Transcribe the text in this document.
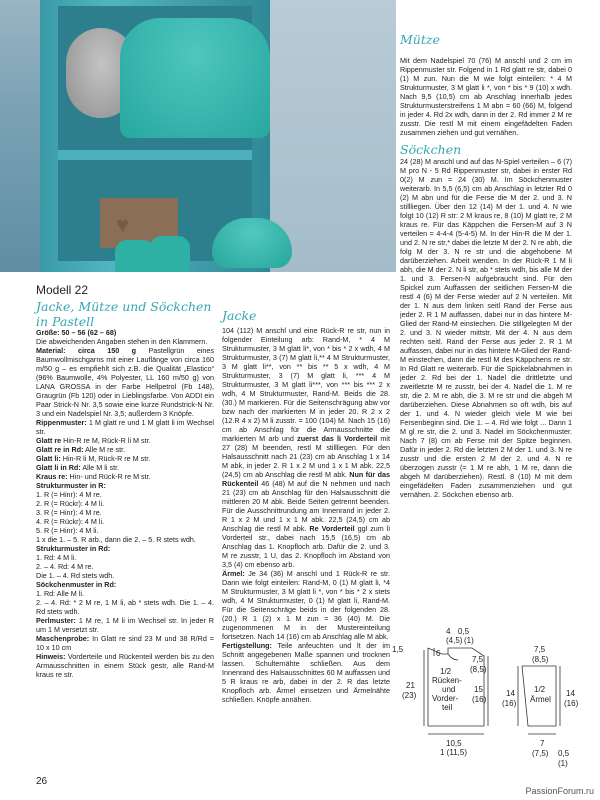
♥

Modell 22

Jacke, Mütze und Söckchen in Pastell

Größe: 50 – 56 (62 – 68)

Die abweichenden Angaben stehen in den Klammern.

Material: circa 150 g Pastellgrün eines Baumwollmischgarns mit einer Lauflänge von circa 160 m/50 g – es empfiehlt sich z.B. die Qualität „Elastico“ (96% Baumwolle, 4% Polyester, LL 160 m/50 g) von LANA GROSSA in der Farbe Hellpetrol (Fb 148), Graugrün (Fb 120) oder in Lieblingsfarbe. Von ADDI ein Paar Strick-N Nr. 3,5 sowie eine kurze Rundstrick-N Nr. 3 und ein Nadelspiel Nr. 3,5; außerdem 3 Knöpfe.

Rippenmuster: 1 M glatt re und 1 M glatt li im Wechsel str.

Glatt re Hin-R re M, Rück-R li M str.

Glatt re in Rd: Alle M re str.

Glatt li: Hin-R li M, Rück-R re M str.

Glatt li in Rd: Alle M li str.

Kraus re: Hin- und Rück-R re M str.

Strukturmuster in R:

1. R (= Hinr): 4 M re.

2. R (= Rückr): 4 M li.

3. R (= Hinr): 4 M re.

4. R (= Rückr): 4 M li.

5. R (= Hinr): 4 M li.

1 x die 1. – 5. R arb., dann die 2. – 5. R stets wdh.

Strukturmuster in Rd:

1. Rd: 4 M li.

2. – 4. Rd: 4 M re.

Die 1. – 4. Rd stets wdh.

Söckchenmuster in Rd:

1. Rd: Alle M li.

2. – 4. Rd: * 2 M re, 1 M li, ab * stets wdh. Die 1. – 4. Rd stets wdh.

Perlmuster: 1 M re, 1 M li im Wechsel str. In jeder R um 1 M versetzt str.

Maschenprobe: In Glatt re sind 23 M und 38 R/Rd = 10 x 10 cm

Hinweis: Vorderteile und Rückenteil werden bis zu den Armausschnitten in einem Stück gestr, alle Rand-M kraus re str.

Jacke

104 (112) M anschl und eine Rück-R re str, nun in folgender Einteilung arb: Rand-M, * 4 M Strukturmuster, 3 M glatt li*, von * bis * 2 x wdh, 4 M Strukturmuster, 3 (7) M glatt li,** 4 M Strukturmuster, 3 M glatt li**, von ** bis ** 5 x wdh, 4 M Strukturmuster, 3 (7) M glatt li, *** 4 M Strukturmuster, 3 M glatt li***, von *** bis *** 2 x wdh, 4 M Strukturmuster, Rand-M. Beids die 28. (30.) M markieren. Für die Seitenschrägung abw vor bzw nach der markierten M in jeder 20. R 2 x 2 (12.R 4 x 2) M li zusstr. = 100 (104) M. Nach 15 (16) cm ab Anschlag für die Armausschnitte die markierten M arb und zuerst das li Vorderteil mit 27 (28) M beenden, restl M stillliegen. Für den Halsausschnitt nach 21 (23) cm ab Anschlag 1 x 14 M abk, in jeder 2. R 1 x 2 M und 1 x 1 M abk. 22,5 (24,5) cm ab Anschlag die restl M abk. Nun für das Rückenteil 46 (48) M auf die N nehmen und nach 21 (23) cm ab Anschlag für den Halsausschnitt die mittleren 20 M abk. Beide Seiten getrennt beenden. Für die Ausschnittrundung am Innenrand in jeder 2. R 1 x 2 M und 1 x 1 M abk. 22,5 (24,5) cm ab Anschlag die restl M abk. Re Vorderteil ggl zum li Vorderteil str., dabei nach 15,5 (16,5) cm ab Anschlag das 1. Knopfloch arb. Dafür die 2. und 3. M re zusstr, 1 U, das 2. Knopfloch im Abstand von 3,5 (4) cm ebenso arb.

Ärmel: Je 34 (36) M anschl und 1 Rück-R re str. Dann wie folgt einteilen: Rand-M, 0 (1) M glatt li, *4 M Strukturmuster, 3 M glatt li *, von * bis * 2 x stets wdh, 4 M Strukturmuster, 0 (1) M glatt li, Rand-M. Für die Seitenschräge beids in der folgenden 28. (20.) R 1 (2) x 1 M zun = 36 (40) M. Die zugenommenen M in der Mustereinteilung fortsetzen. Nach 14 (16) cm ab Anschlag alle M abk.

Fertigstellung: Teile anfeuchten und lt der im Schnitt angegebenen Maße spannen und trocknen lassen. Schulternähte schließen. Aus dem Innenrand des Halsausschnittes 60 M auffassen und 5 R kraus re arb, dabei in der 2. R das letzte Knopfloch arb. Ärmel einsetzen und Ärmelnähte schließen. Knöpfe annähen.

Mütze

Mit dem Nadelspiel 70 (76) M anschl und 2 cm im Rippenmuster str. Folgend in 1 Rd glatt re str, dabei 0 (1) M zun. Nun die M wie folgt einteilen: * 4 M Strukturmuster, 3 M glatt li *, von * bis * 9 (10) x wdh. Nach 9,5 (10,5) cm ab Anschlag innerhalb jedes Strukturmusterstreifens 1 M abn = 60 (66) M, folgend in jeder 4. Rd 2x wdh, dann in der 2. Rd immer 2 M re zusstr. Die restl M mit einem eingefädelten Faden zusammen ziehen und gut vernähen.

Söckchen

24 (28) M anschl und auf das N-Spiel verteilen – 6 (7) M pro N - 5 Rd Rippenmuster str, dabei in erster Rd 0(2) M zun = 24 (30) M. Im Söckchenmuster weiterarb. In 5,5 (6,5) cm ab Anschlag in letzter Rd 0 (2) M abn und für die Ferse die M der 2. und 3. N stillliegen. Über den 12 (14) M der 1. und 4. N wie folgt 10 (12) R str: 2 M kraus re, 8 (10) M glatt re, 2 M kraus re. Für das Käppchen die Fersen-M auf 3 N verteilen = 4-4-4 (5-4-5) M. In der Hin-R die M der 1. und 2. N re str,* dabei die letzte M der 2. N re abh, die folg M der 3. N re str und die abgehobene M darüberziehen. Arbeit wenden. In der Rück-R 1 M li abh, die M der 2. N li str, ab * stets wdh, bis alle M der 1. und 3. Fersen-N aufgebraucht sind. Für den Spickel zum Auffassen der seitlichen Fersen-M die restl 4 (6) M der Ferse wieder auf 2 N verteilen. Mit der 1. N aus dem linken seitl Rand der Ferse aus jeder 2. R 1 M auffassen, dabei nur in das hintere M-Glied der Rand-M einstechen. Die stillgelegten M der 2. und 3. N wieder mittstr. Mit der 4. N aus dem rechten seitl. Rand der Ferse aus jeder 2. R 1 M auffassen, dabei nur in das hintere M-Glied der Rand-M einstechen, dann die restl M des Käppchens re str. In Rd Glatt re weiterarb. Für die Spickelabnahmen in jeder 2. Rd bei der 1. Nadel die drittletzte und zweitletzte M re zusstr, bei der 4. Nadel die 1. M re str, die 2. M re abh, die 3. M re str und die abgeh M darüberziehen. Diese Abnahmen so oft wdh, bis auf der 1. und 4. N wieder gleich viele M wie bei Fersenbeginn sind. Die 1. – 4. Rd wie folgt ... Dann 1 M gl re str, die 2. und 3. Nadel im Söckchenmuster. Nach 7 (8) cm ab Ferse mit der Spitze beginnen. Dafür in jeder 2. Rd die letzten 2 M der 1. und 3. N re zusstr und die ersten 2 M der 2. und 4. N re überzogen zusstr (= 1 M re abh, 1 M re, dann die abgeh M darüberziehen). Restl. 8 (10) M mit dem eingefädelten Faden zusammenziehen und gut vernähen. 2. Söckchen ebenso arb.

4 0,5
(4,5) (1)
6
1,5
21
(23)
7,5
(8,5)
15
(16)
1/2
Rücken-
und
Vorder-
teil
10,5
1 (11,5)
14
(16)
7,5
(8,5)
1/2
Ärmel
14
(16)
7
(7,5) 0,5
(1)
26
PassionForum.ru
